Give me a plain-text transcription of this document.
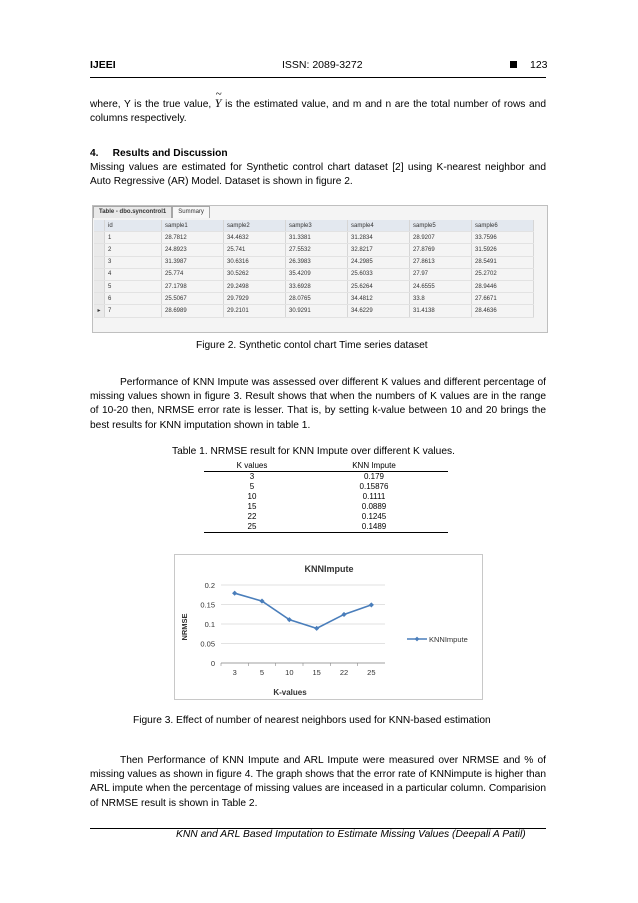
IJEEI	ISSN: 2089-3272	123
where, Y is the true value, ~ Y is the estimated value, and m and n are the total number of rows and columns respectively.
4. Results and Discussion
Missing values are estimated for Synthetic control chart dataset [2] using K-nearest neighbor and Auto Regressive (AR) Model. Dataset is shown in figure 2.
Table - dbo.syncontrol1	Summary
	id	sample1	sample2	sample3	sample4	sample5	sample6
	1	28.7812	34.4632	31.3381	31.2834	28.9207	33.7596
	2	24.8923	25.741	27.5532	32.8217	27.8769	31.5926
	3	31.3987	30.6316	26.3983	24.2985	27.8613	28.5491
	4	25.774	30.5262	35.4209	25.6033	27.97	25.2702
	5	27.1798	29.2498	33.6928	25.6264	24.6555	28.9446
	6	25.5067	29.7929	28.0765	34.4812	33.8	27.6671
▸	7	28.6989	29.2101	30.9291	34.6229	31.4138	28.4636
Figure 2. Synthetic contol chart Time series dataset
Performance of KNN Impute was assessed over different K values and different percentage of missing values shown in figure 3. Result shows that when the numbers of K values are in the range of 10-20 then, NRMSE error rate is lesser. That is, by setting k-value between 10 and 20 brings the best results for KNN imputation shown in table 1.
Table 1. NRMSE result for KNN Impute over different K values.
K values	KNN Impute
3	0.179
5	0.15876
10	0.1111
15	0.0889
22	0.1245
25	0.1489
KNNImpute
K-values
NRMSE
0
0.05
0.1
0.15
0.2
3	5	10	15	22	25
KNNImpute
Figure 3. Effect of number of nearest neighbors used for KNN-based estimation
Then Performance of KNN Impute and ARL Impute were measured over NRMSE and % of missing values as shown in figure 4. The graph shows that the error rate of KNNimpute is higher than ARL impute when the percentage of missing values are inceased in a particular column. Comparision of NRMSE result is shown in Table 2.
KNN and ARL Based Imputation to Estimate Missing Values (Deepali A Patil)
